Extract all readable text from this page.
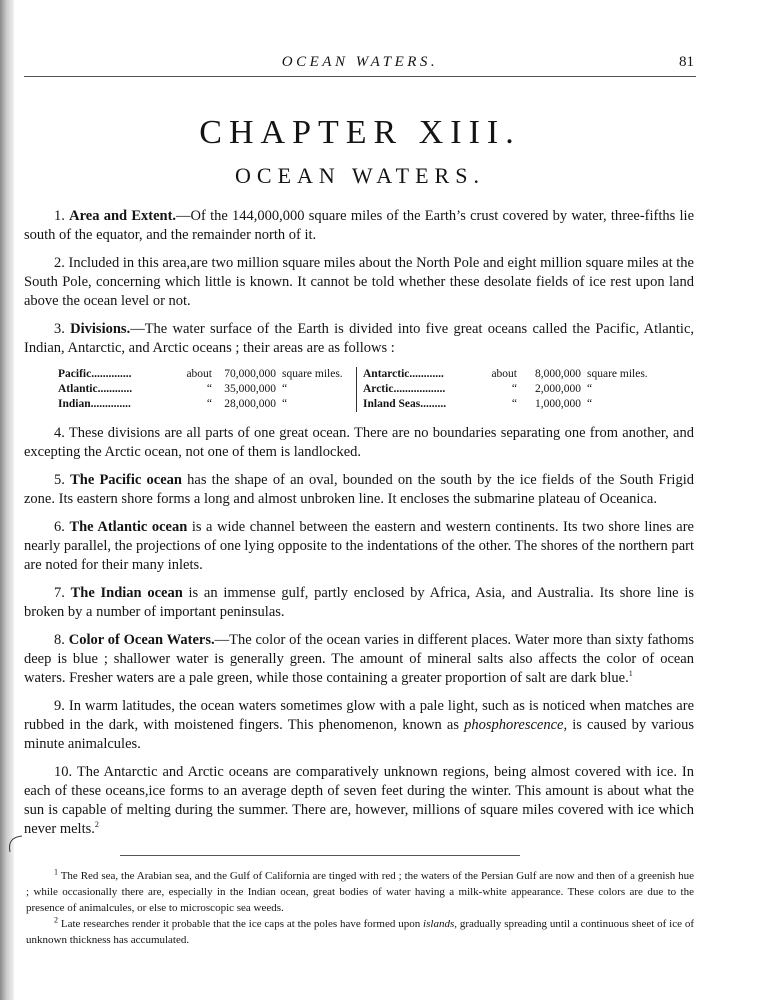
OCEAN WATERS.	81
CHAPTER XIII.
OCEAN WATERS.

1. Area and Extent.—Of the 144,000,000 square miles of the Earth’s crust covered by water, three-fifths lie south of the equator, and the remainder north of it.

2. Included in this area,are two million square miles about the North Pole and eight million square miles at the South Pole, concerning which little is known. It cannot be told whether these desolate fields of ice rest upon land above the ocean level or not.

3. Divisions.—The water surface of the Earth is divided into five great oceans called the Pacific, Atlantic, Indian, Antarctic, and Arctic oceans ; their areas are as follows :

Pacific..............	about	70,000,000 square miles.
Atlantic............	“	35,000,000 “
Indian..............	“	28,000,000 “
Antarctic............	about	8,000,000 square miles.
Arctic..................	“	2,000,000 “
Inland Seas.........	“	1,000,000 “

4. These divisions are all parts of one great ocean. There are no boundaries separating one from another, and excepting the Arctic ocean, not one of them is landlocked.

5. The Pacific ocean has the shape of an oval, bounded on the south by the ice fields of the South Frigid zone. Its eastern shore forms a long and almost unbroken line. It encloses the submarine plateau of Oceanica.

6. The Atlantic ocean is a wide channel between the eastern and western continents. Its two shore lines are nearly parallel, the projections of one lying opposite to the indentations of the other. The shores of the northern part are noted for their many inlets.

7. The Indian ocean is an immense gulf, partly enclosed by Africa, Asia, and Australia. Its shore line is broken by a number of important peninsulas.

8. Color of Ocean Waters.—The color of the ocean varies in different places. Water more than sixty fathoms deep is blue ; shallower water is generally green. The amount of mineral salts also affects the color of ocean waters. Fresher waters are a pale green, while those containing a greater proportion of salt are dark blue.$^1$

9. In warm latitudes, the ocean waters sometimes glow with a pale light, such as is noticed when matches are rubbed in the dark, with moistened fingers. This phenomenon, known as phosphorescence, is caused by various minute animalcules.

10. The Antarctic and Arctic oceans are comparatively unknown regions, being almost covered with ice. In each of these oceans,ice forms to an average depth of seven feet during the winter. This amount is about what the sun is capable of melting during the summer. There are, however, millions of square miles covered with ice which never melts.$^2$

$^1$ The Red sea, the Arabian sea, and the Gulf of California are tinged with red ; the waters of the Persian Gulf are now and then of a greenish hue ; while occasionally there are, especially in the Indian ocean, great bodies of water having a milk-white appearance. These colors are due to the presence of animalcules, or else to microscopic sea weeds.

$^2$ Late researches render it probable that the ice caps at the poles have formed upon islands, gradually spreading until a continuous sheet of ice of unknown thickness has accumulated.
